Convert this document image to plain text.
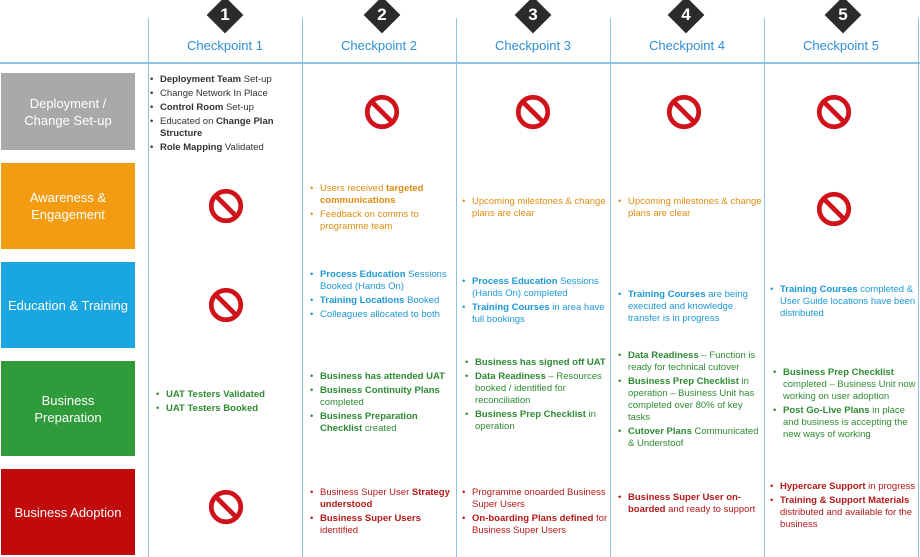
1
Checkpoint 1
2
Checkpoint 2
3
Checkpoint 3
4
Checkpoint 4
5
Checkpoint 5
Deployment / Change Set-up
Awareness & Engagement
Education & Training
Business Preparation
Business Adoption
• Deployment Team Set-up
• Change Network In Place
• Control Room Set-up
• Educated on Change Plan Structure
• Role Mapping Validated
• Users received targeted communications
• Feedback on comms to programme team
• Upcoming milestones & change plans are clear
• Upcoming milestones & change plans are clear
• Process Education Sessions Booked (Hands On)
• Training Locations Booked
• Colleagues allocated to both
• Process Education Sessions (Hands On) completed
• Training Courses in area have full bookings
• Training Courses are being executed and knowledge transfer is in progress
• Training Courses completed & User Guide locations have been distributed
• UAT Testers Validated
• UAT Testers Booked
• Business has attended UAT
• Business Continuity Plans completed
• Business Preparation Checklist created
• Business has signed off UAT
• Data Readiness – Resources booked / identified for reconciliation
• Business Prep Checklist in operation
• Data Readiness – Function is ready for technical cutover
• Business Prep Checklist in operation – Business Unit has completed over 80% of key tasks
• Cutover Plans Communicated & Understoof
• Business Prep Checklist completed – Business Unit now working on user adoption
• Post Go-Live Plans in place and business is accepting the new ways of working
• Business Super User Strategy understood
• Business Super Users identified
• Programme onoarded Business Super Users
• On-boarding Plans defined for Business Super Users
• Business Super User on-boarded and ready to support
• Hypercare Support in progress
• Training & Support Materials distributed and available for the business
